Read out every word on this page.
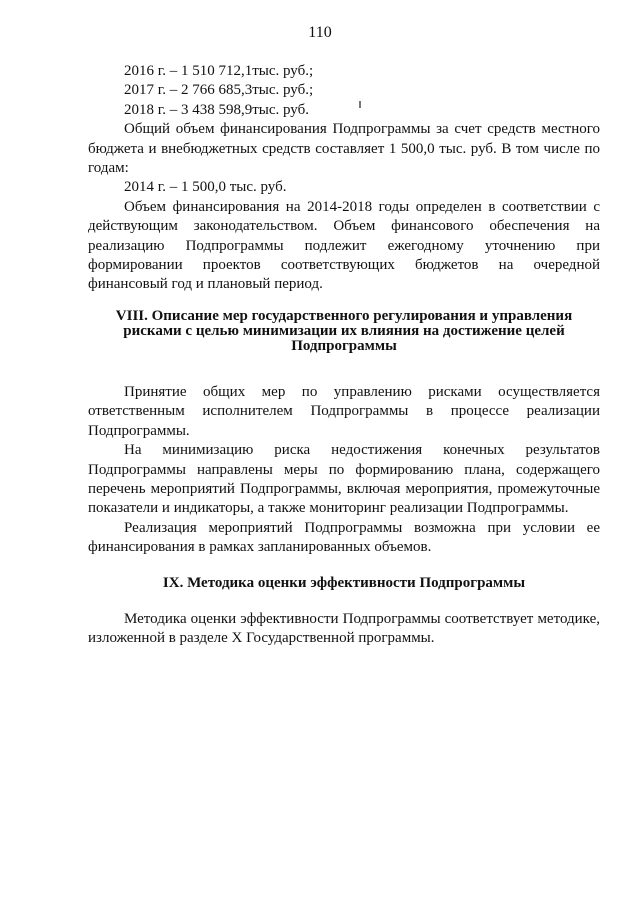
110
2016 г. – 1 510 712,1тыс. руб.;
2017 г. – 2 766 685,3тыс. руб.;
2018 г. – 3 438 598,9тыс. руб.

Общий объем финансирования Подпрограммы за счет средств местного бюджета и внебюджетных средств составляет 1 500,0 тыс. руб. В том числе по годам:

2014 г. – 1 500,0 тыс. руб.

Объем финансирования на 2014-2018 годы определен в соответствии с действующим законодательством. Объем финансового обеспечения на реализацию Подпрограммы подлежит ежегодному уточнению при формировании проектов соответствующих бюджетов на очередной финансовый год и плановый период.

VIII. Описание мер государственного регулирования и управления рисками с целью минимизации их влияния на достижение целей Подпрограммы

Принятие общих мер по управлению рисками осуществляется ответственным исполнителем Подпрограммы в процессе реализации Подпрограммы.

На минимизацию риска недостижения конечных результатов Подпрограммы направлены меры по формированию плана, содержащего перечень мероприятий Подпрограммы, включая мероприятия, промежуточные показатели и индикаторы, а также мониторинг реализации Подпрограммы.

Реализация мероприятий Подпрограммы возможна при условии ее финансирования в рамках запланированных объемов.

IX. Методика оценки эффективности Подпрограммы

Методика оценки эффективности Подпрограммы соответствует методике, изложенной в разделе X Государственной программы.
